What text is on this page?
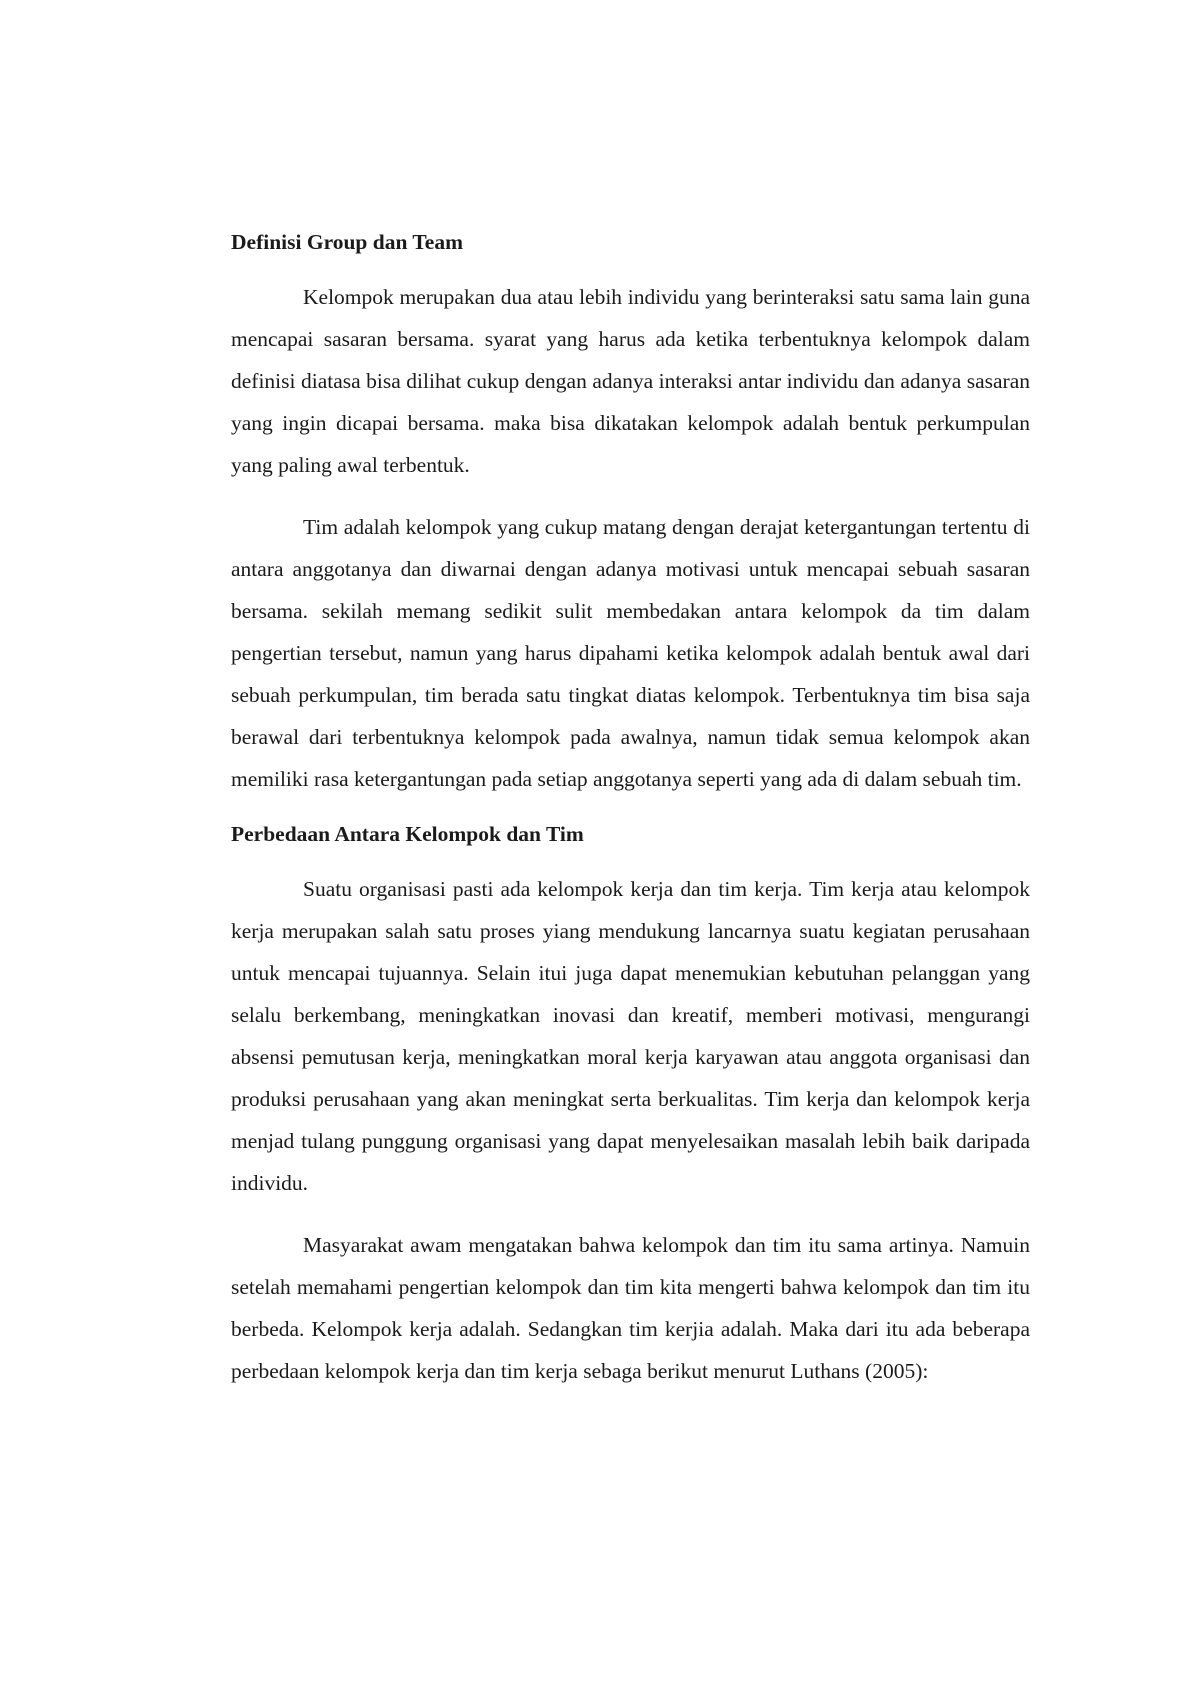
Definisi Group dan Team

Kelompok merupakan dua atau lebih individu yang berinteraksi satu sama lain guna mencapai sasaran bersama. syarat yang harus ada ketika terbentuknya kelompok dalam definisi diatasa bisa dilihat cukup dengan adanya interaksi antar individu dan adanya sasaran yang ingin dicapai bersama. maka bisa dikatakan kelompok adalah bentuk perkumpulan yang paling awal terbentuk.

Tim adalah kelompok yang cukup matang dengan derajat ketergantungan tertentu di antara anggotanya dan diwarnai dengan adanya motivasi untuk mencapai sebuah sasaran bersama. sekilah memang sedikit sulit membedakan antara kelompok da tim dalam pengertian tersebut, namun yang harus dipahami ketika kelompok adalah bentuk awal dari sebuah perkumpulan, tim berada satu tingkat diatas kelompok. Terbentuknya tim bisa saja berawal dari terbentuknya kelompok pada awalnya, namun tidak semua kelompok akan memiliki rasa ketergantungan pada setiap anggotanya seperti yang ada di dalam sebuah tim.

Perbedaan Antara Kelompok dan Tim

Suatu organisasi pasti ada kelompok kerja dan tim kerja. Tim kerja atau kelompok kerja merupakan salah satu proses yiang mendukung lancarnya suatu kegiatan perusahaan untuk mencapai tujuannya. Selain itui juga dapat menemukian kebutuhan pelanggan yang selalu berkembang, meningkatkan inovasi dan kreatif, memberi motivasi, mengurangi absensi pemutusan kerja, meningkatkan moral kerja karyawan atau anggota organisasi dan produksi perusahaan yang akan meningkat serta berkualitas. Tim kerja dan kelompok kerja menjad tulang punggung organisasi yang dapat menyelesaikan masalah lebih baik daripada individu.

Masyarakat awam mengatakan bahwa kelompok dan tim itu sama artinya. Namuin setelah memahami pengertian kelompok dan tim kita mengerti bahwa kelompok dan tim itu berbeda. Kelompok kerja adalah. Sedangkan tim kerjia adalah. Maka dari itu ada beberapa perbedaan kelompok kerja dan tim kerja sebaga berikut menurut Luthans (2005):
